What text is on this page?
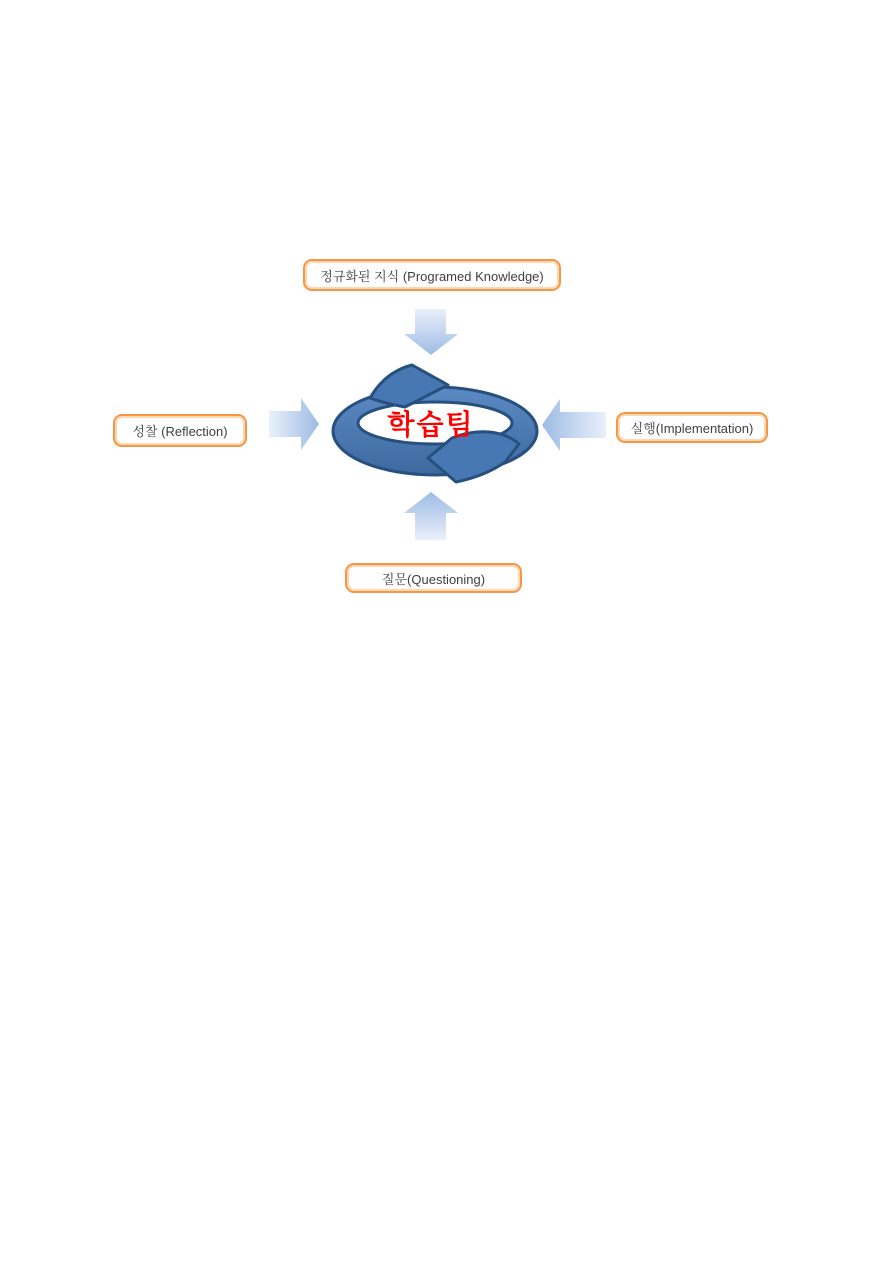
정규화된 지식 (Programed Knowledge)
성찰 (Reflection)	실행(Implementation)
질문(Questioning)
학습팀
